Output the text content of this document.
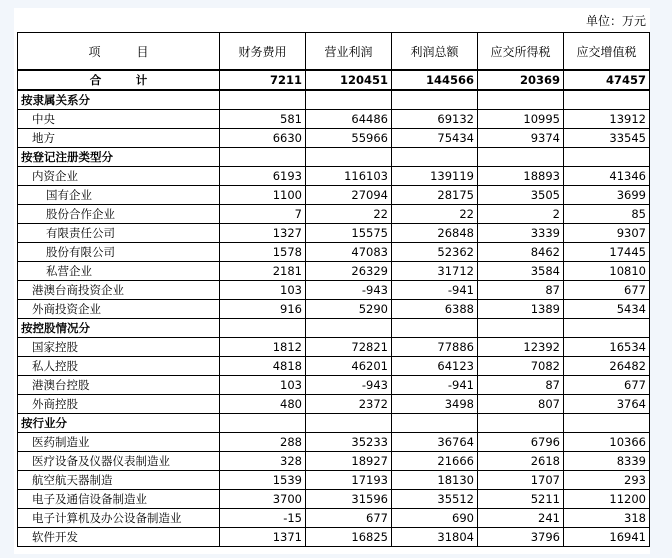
单位：万元
项　　　目	财务费用	营业利润	利润总额	应交所得税	应交增值税
合　　　计	7211	120451	144566	20369	47457
按隶属关系分					
中央	581	64486	69132	10995	13912
地方	6630	55966	75434	9374	33545
按登记注册类型分					
内资企业	6193	116103	139119	18893	41346
国有企业	1100	27094	28175	3505	3699
股份合作企业	7	22	22	2	85
有限责任公司	1327	15575	26848	3339	9307
股份有限公司	1578	47083	52362	8462	17445
私营企业	2181	26329	31712	3584	10810
港澳台商投资企业	103	-943	-941	87	677
外商投资企业	916	5290	6388	1389	5434
按控股情况分					
国家控股	1812	72821	77886	12392	16534
私人控股	4818	46201	64123	7082	26482
港澳台控股	103	-943	-941	87	677
外商控股	480	2372	3498	807	3764
按行业分					
医药制造业	288	35233	36764	6796	10366
医疗设备及仪器仪表制造业	328	18927	21666	2618	8339
航空航天器制造	1539	17193	18130	1707	293
电子及通信设备制造业	3700	31596	35512	5211	11200
电子计算机及办公设备制造业	-15	677	690	241	318
软件开发	1371	16825	31804	3796	16941
